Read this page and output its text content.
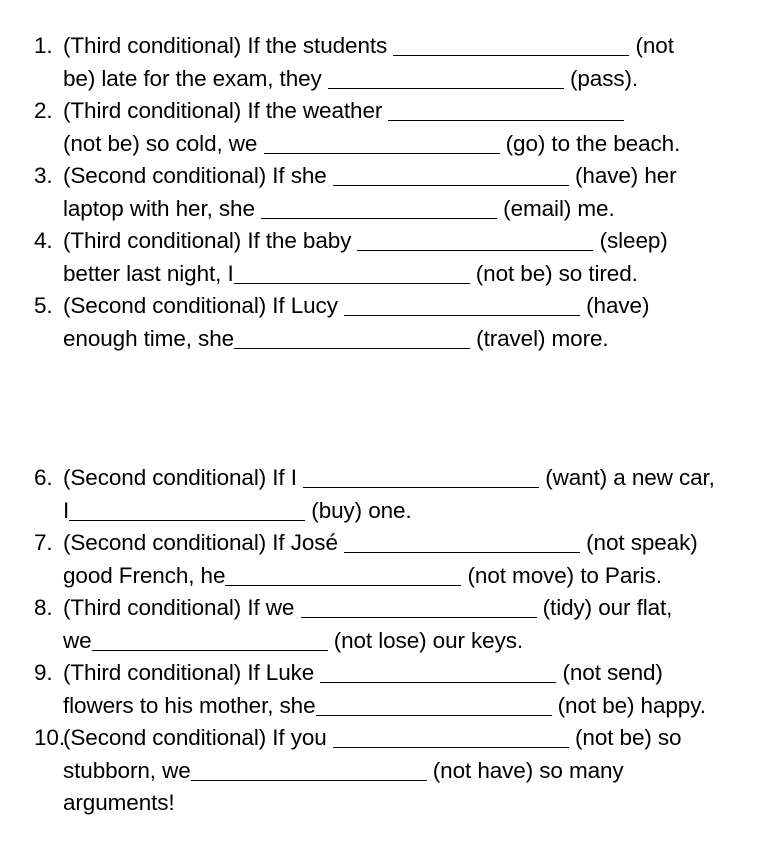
1. (Third conditional) If the students	(not
be) late for the exam, they	(pass).
2. (Third conditional) If the weather
(not be) so cold, we	(go) to the beach.
3. (Second conditional) If she	(have) her
laptop with her, she	(email) me.
4. (Third conditional) If the baby	(sleep)
better last night, I	(not be) so tired.
5. (Second conditional) If Lucy	(have)
enough time, she	(travel) more.
6. (Second conditional) If I	(want) a new car,
I	(buy) one.
7. (Second conditional) If José	(not speak)
good French, he	(not move) to Paris.
8. (Third conditional) If we	(tidy) our flat,
we	(not lose) our keys.
9. (Third conditional) If Luke	(not send)
flowers to his mother, she	(not be) happy.
10.
(Second conditional) If you	(not be) so
stubborn, we	(not have) so many
arguments!
